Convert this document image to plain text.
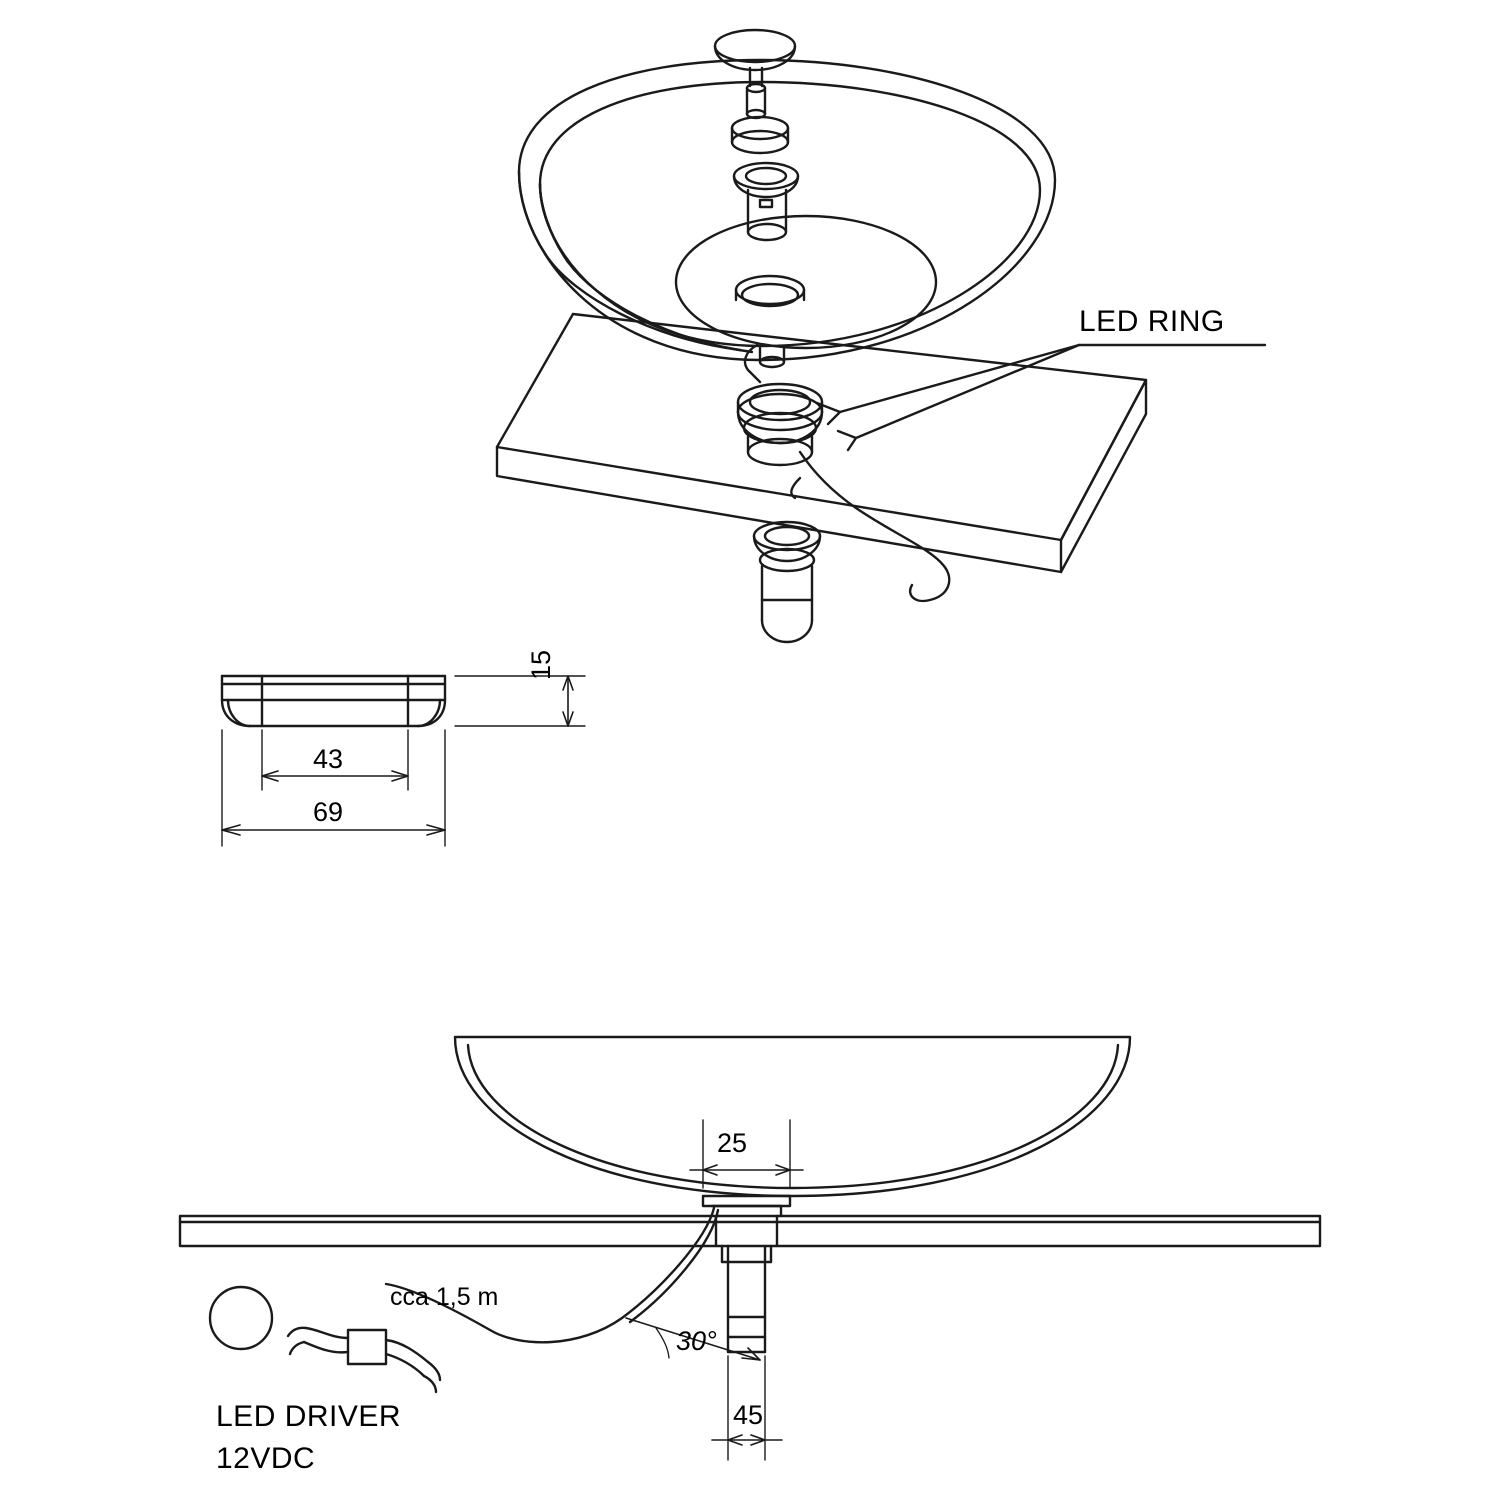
LED RING
LED DRIVER
12VDC
cca 1,5 m
15
43
69
25
45
30°
